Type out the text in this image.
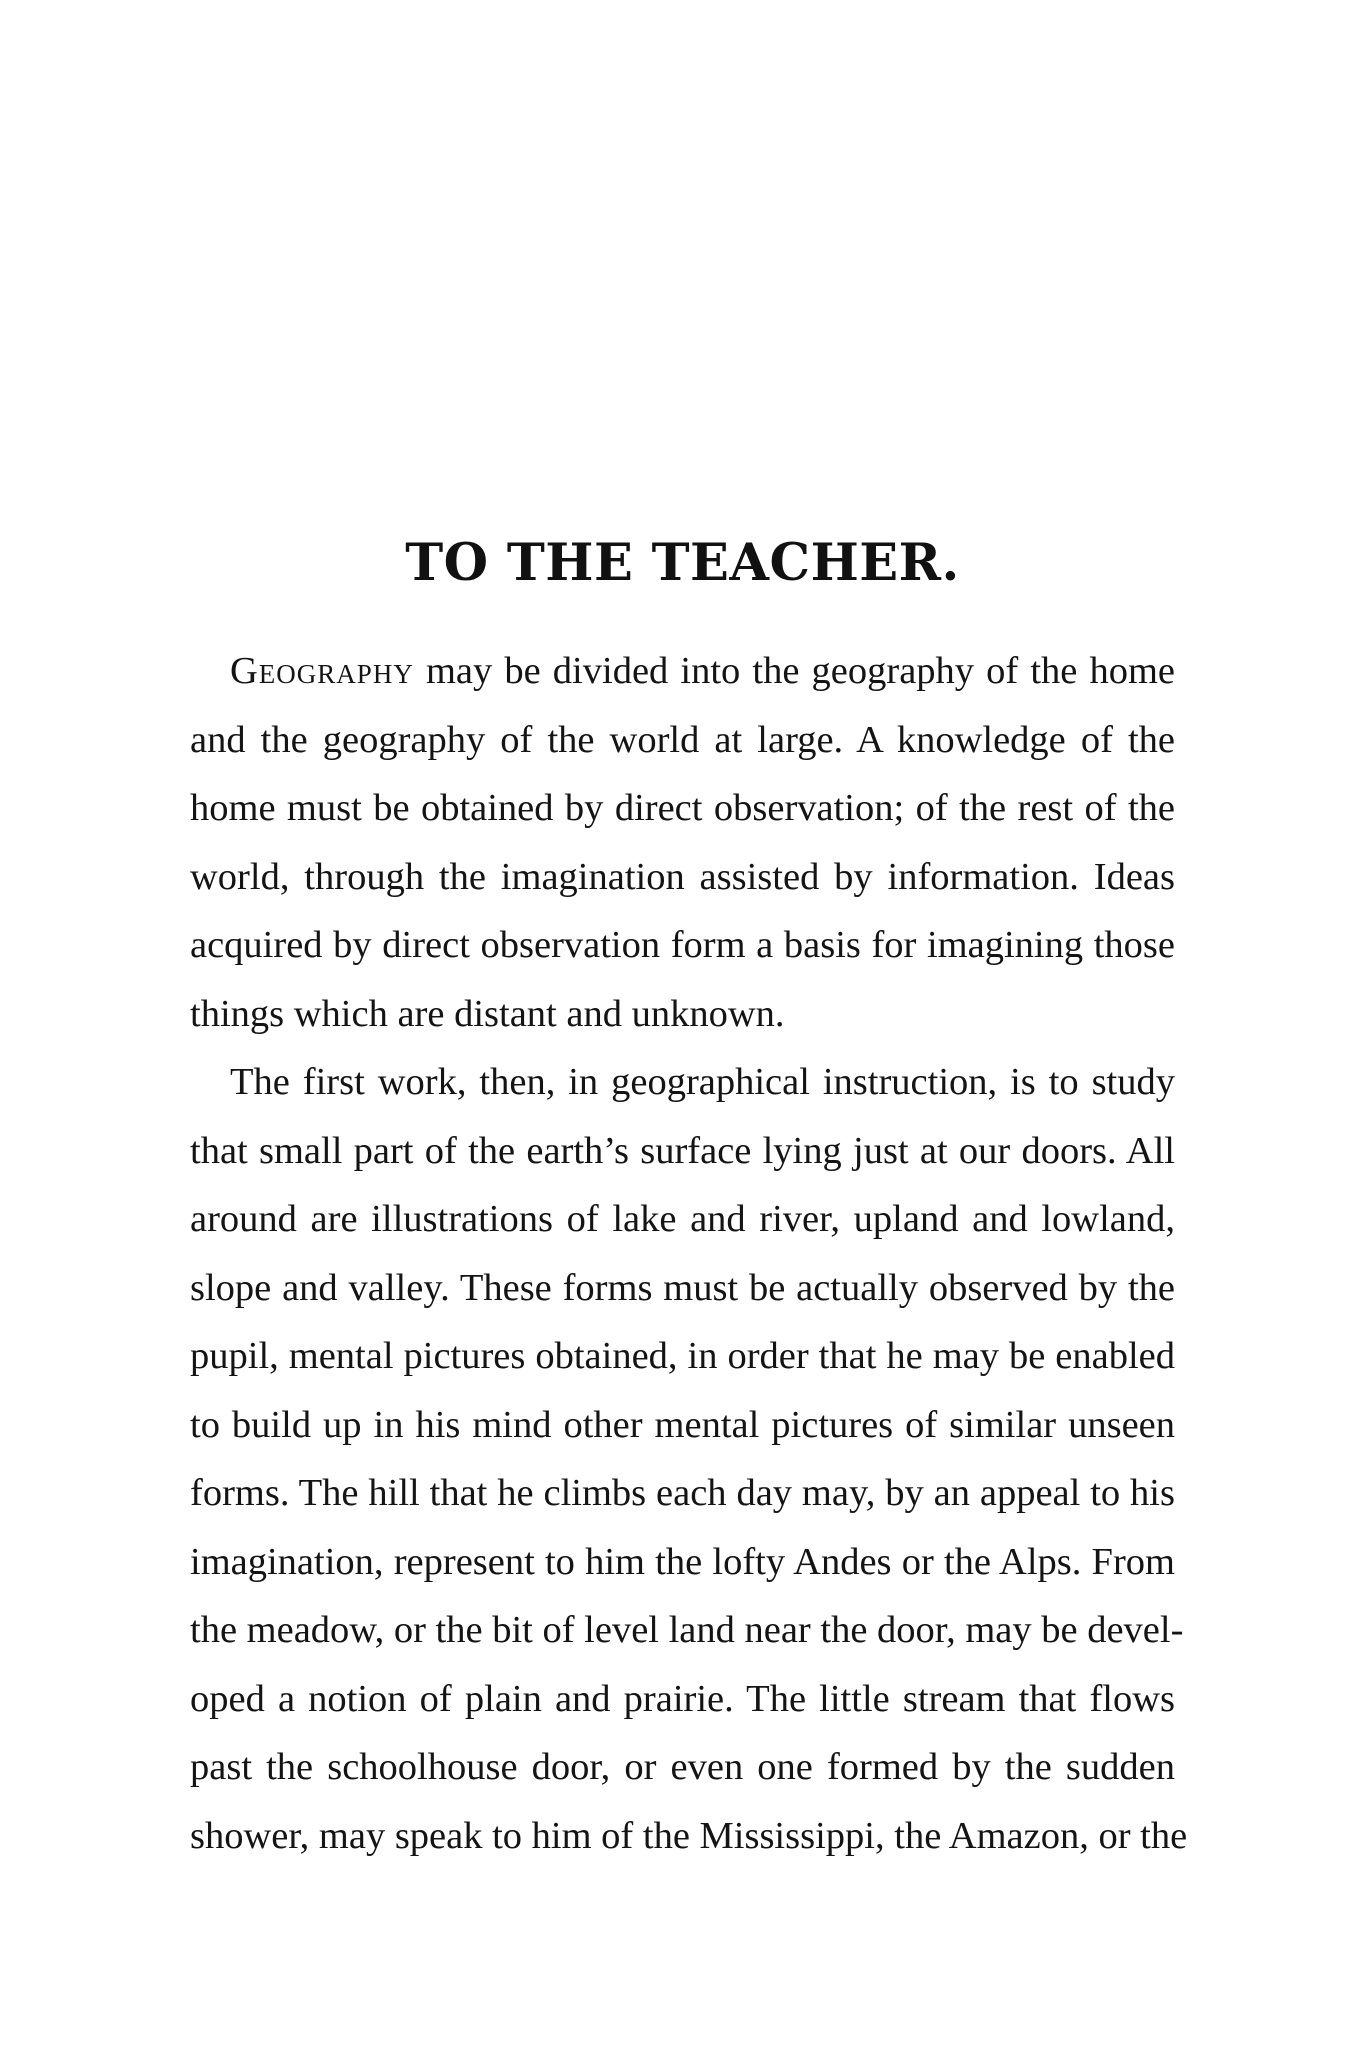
TO THE TEACHER.
Geography may be divided into the geography of the home
and the geography of the world at large. A knowledge of the
home must be obtained by direct observation; of the rest of the
world, through the imagination assisted by information. Ideas
acquired by direct observation form a basis for imagining those
things which are distant and unknown.
The first work, then, in geographical instruction, is to study
that small part of the earth’s surface lying just at our doors. All
around are illustrations of lake and river, upland and lowland,
slope and valley. These forms must be actually observed by the
pupil, mental pictures obtained, in order that he may be enabled
to build up in his mind other mental pictures of similar unseen
forms. The hill that he climbs each day may, by an appeal to his
imagination, represent to him the lofty Andes or the Alps. From
the meadow, or the bit of level land near the door, may be devel-
oped a notion of plain and prairie. The little stream that flows
past the schoolhouse door, or even one formed by the sudden
shower, may speak to him of the Mississippi, the Amazon, or the
